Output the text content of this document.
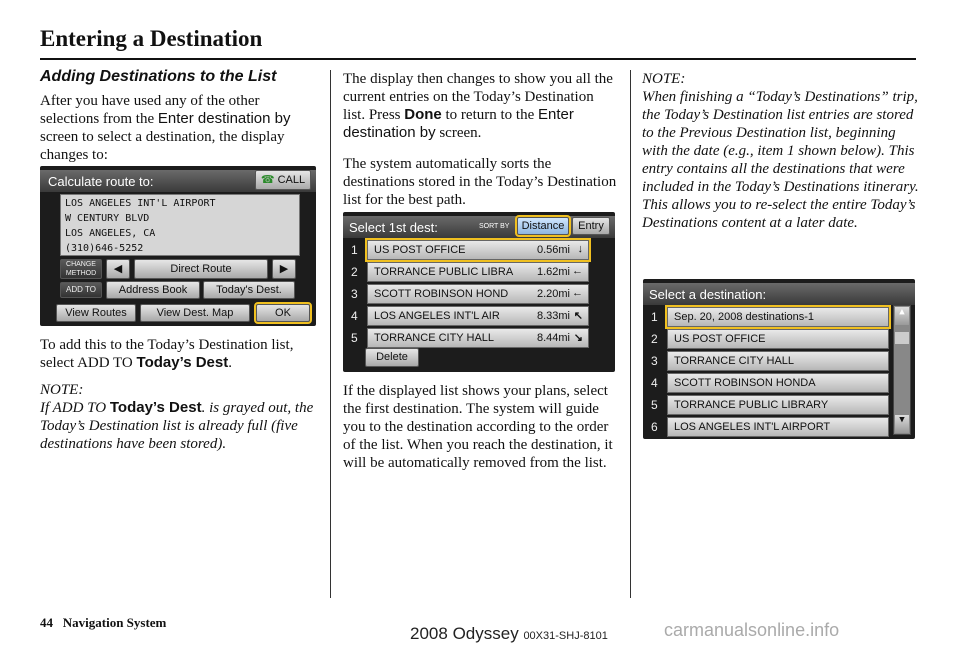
Entering a Destination
Adding Destinations to the List
After you have used any of the other selections from the Enter destination by screen to select a destination, the display changes to:
Calculate route to:	☎ CALL
LOS ANGELES INT'L AIRPORT
W CENTURY BLVD
LOS ANGELES, CA
(310)646-5252
CHANGE METHOD	◀	Direct Route	▶
ADD TO	Address Book	Today's Dest.
View Routes	View Dest. Map	OK
To add this to the Today’s Destination list, select ADD TO Today’s Dest.
NOTE:
If ADD TO Today’s Dest. is grayed out, the Today’s Destination list is already full (five destinations have been stored).
The display then changes to show you all the current entries on the Today’s Destination list. Press Done to return to the Enter destination by screen.
The system automatically sorts the destinations stored in the Today’s Destination list for the best path.
Select 1st dest:	SORT BY	Distance	Entry
1 US POST OFFICE	0.56mi ↓
2 TORRANCE PUBLIC LIBRA 1.62mi ←
3 SCOTT ROBINSON HOND	2.20mi ←
4 LOS ANGELES INT'L AIR	8.33mi ↖
5 TORRANCE CITY HALL	8.44mi ↘
Delete
If the displayed list shows your plans, select the first destination. The system will guide you to the destination according to the order of the list. When you reach the destination, it will be automatically removed from the list.
NOTE:
When finishing a “Today’s Destinations” trip, the Today’s Destination list entries are stored to the Previous Destination list, beginning with the date (e.g., item 1 shown below). This entry contains all the destinations that were included in the Today’s Destinations itinerary. This allows you to re-select the entire Today’s Destinations content at a later date.
Select a destination:
1 Sep. 20, 2008 destinations-1
2 US POST OFFICE
3 TORRANCE CITY HALL
4 SCOTT ROBINSON HONDA
5 TORRANCE PUBLIC LIBRARY
6 LOS ANGELES INT'L AIRPORT
▲
▼
44 Navigation System
2008 Odyssey 00X31-SHJ-8101	carmanualsonline.info
